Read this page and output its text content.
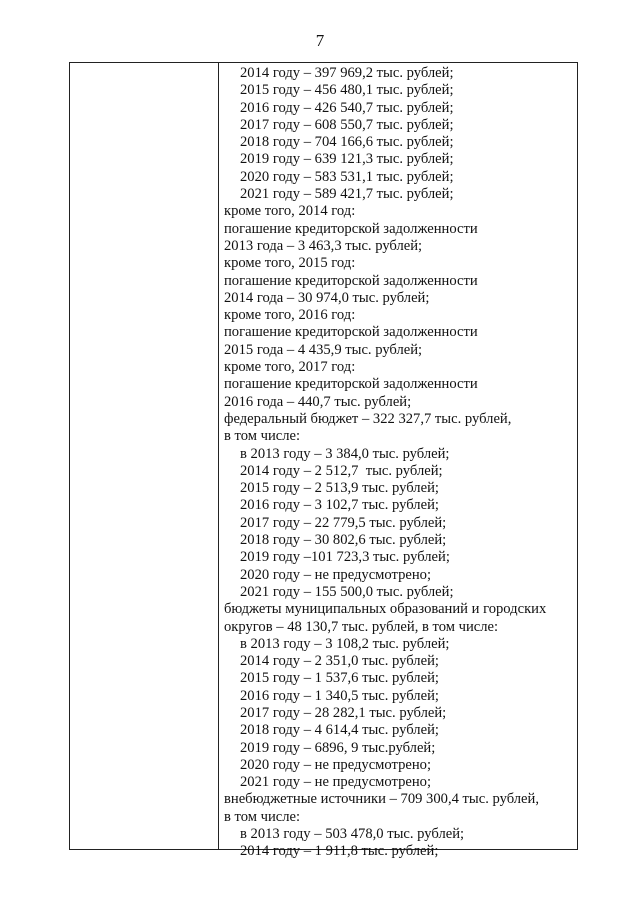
7
2014 году – 397 969,2 тыс. рублей;
2015 году – 456 480,1 тыс. рублей;
2016 году – 426 540,7 тыс. рублей;
2017 году – 608 550,7 тыс. рублей;
2018 году – 704 166,6 тыс. рублей;
2019 году – 639 121,3 тыс. рублей;
2020 году – 583 531,1 тыс. рублей;
2021 году – 589 421,7 тыс. рублей;
кроме того, 2014 год:
погашение кредиторской задолженности
2013 года – 3 463,3 тыс. рублей;
кроме того, 2015 год:
погашение кредиторской задолженности
2014 года – 30 974,0 тыс. рублей;
кроме того, 2016 год:
погашение кредиторской задолженности
2015 года – 4 435,9 тыс. рублей;
кроме того, 2017 год:
погашение кредиторской задолженности
2016 года – 440,7 тыс. рублей;
федеральный бюджет – 322 327,7 тыс. рублей,
в том числе:
в 2013 году – 3 384,0 тыс. рублей;
2014 году – 2 512,7  тыс. рублей;
2015 году – 2 513,9 тыс. рублей;
2016 году – 3 102,7 тыс. рублей;
2017 году – 22 779,5 тыс. рублей;
2018 году – 30 802,6 тыс. рублей;
2019 году –101 723,3 тыс. рублей;
2020 году – не предусмотрено;
2021 году – 155 500,0 тыс. рублей;
бюджеты муниципальных образований и городских
округов – 48 130,7 тыс. рублей, в том числе:
в 2013 году – 3 108,2 тыс. рублей;
2014 году – 2 351,0 тыс. рублей;
2015 году – 1 537,6 тыс. рублей;
2016 году – 1 340,5 тыс. рублей;
2017 году – 28 282,1 тыс. рублей;
2018 году – 4 614,4 тыс. рублей;
2019 году – 6896, 9 тыс.рублей;
2020 году – не предусмотрено;
2021 году – не предусмотрено;
внебюджетные источники – 709 300,4 тыс. рублей,
в том числе:
в 2013 году – 503 478,0 тыс. рублей;
2014 году – 1 911,8 тыс. рублей;
